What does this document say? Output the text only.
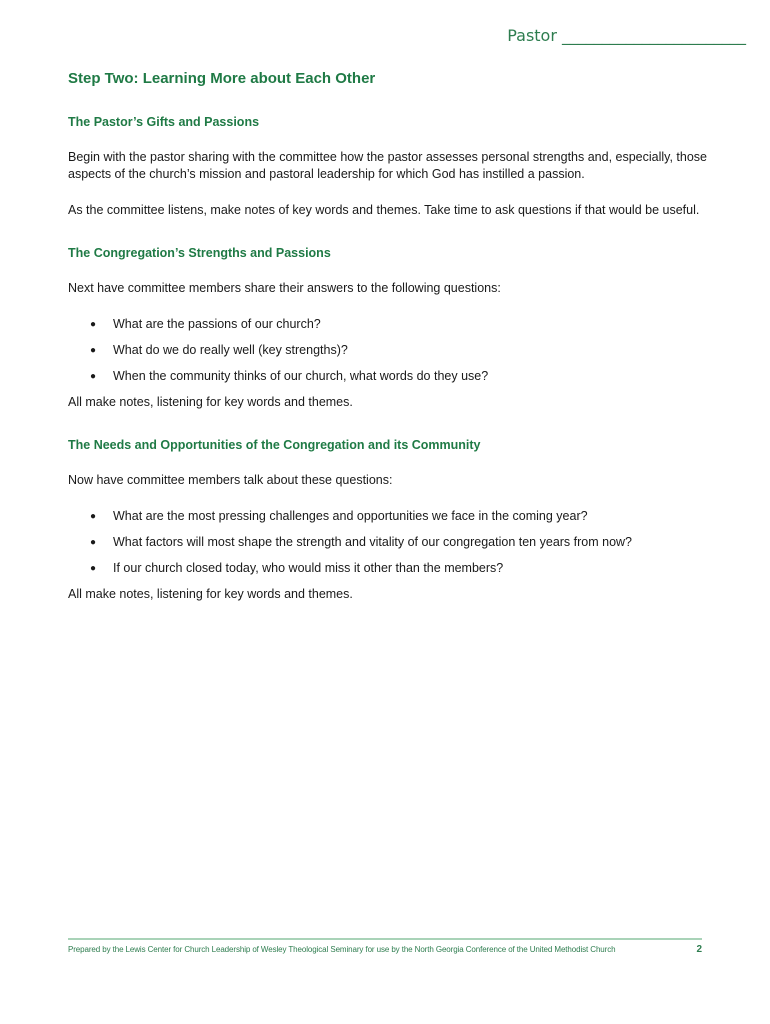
Pastor _______________________
Step Two: Learning More about Each Other
The Pastor’s Gifts and Passions

Begin with the pastor sharing with the committee how the pastor assesses personal strengths and, especially, those aspects of the church’s mission and pastoral leadership for which God has instilled a passion.

As the committee listens, make notes of key words and themes. Take time to ask questions if that would be useful.

The Congregation’s Strengths and Passions

Next have committee members share their answers to the following questions:

● What are the passions of our church?
● What do we do really well (key strengths)?
● When the community thinks of our church, what words do they use?

All make notes, listening for key words and themes.

The Needs and Opportunities of the Congregation and its Community

Now have committee members talk about these questions:

● What are the most pressing challenges and opportunities we face in the coming year?
● What factors will most shape the strength and vitality of our congregation ten years from now?
● If our church closed today, who would miss it other than the members?

All make notes, listening for key words and themes.

Prepared by the Lewis Center for Church Leadership of Wesley Theological Seminary for use by the North Georgia Conference of the United Methodist Church	2
